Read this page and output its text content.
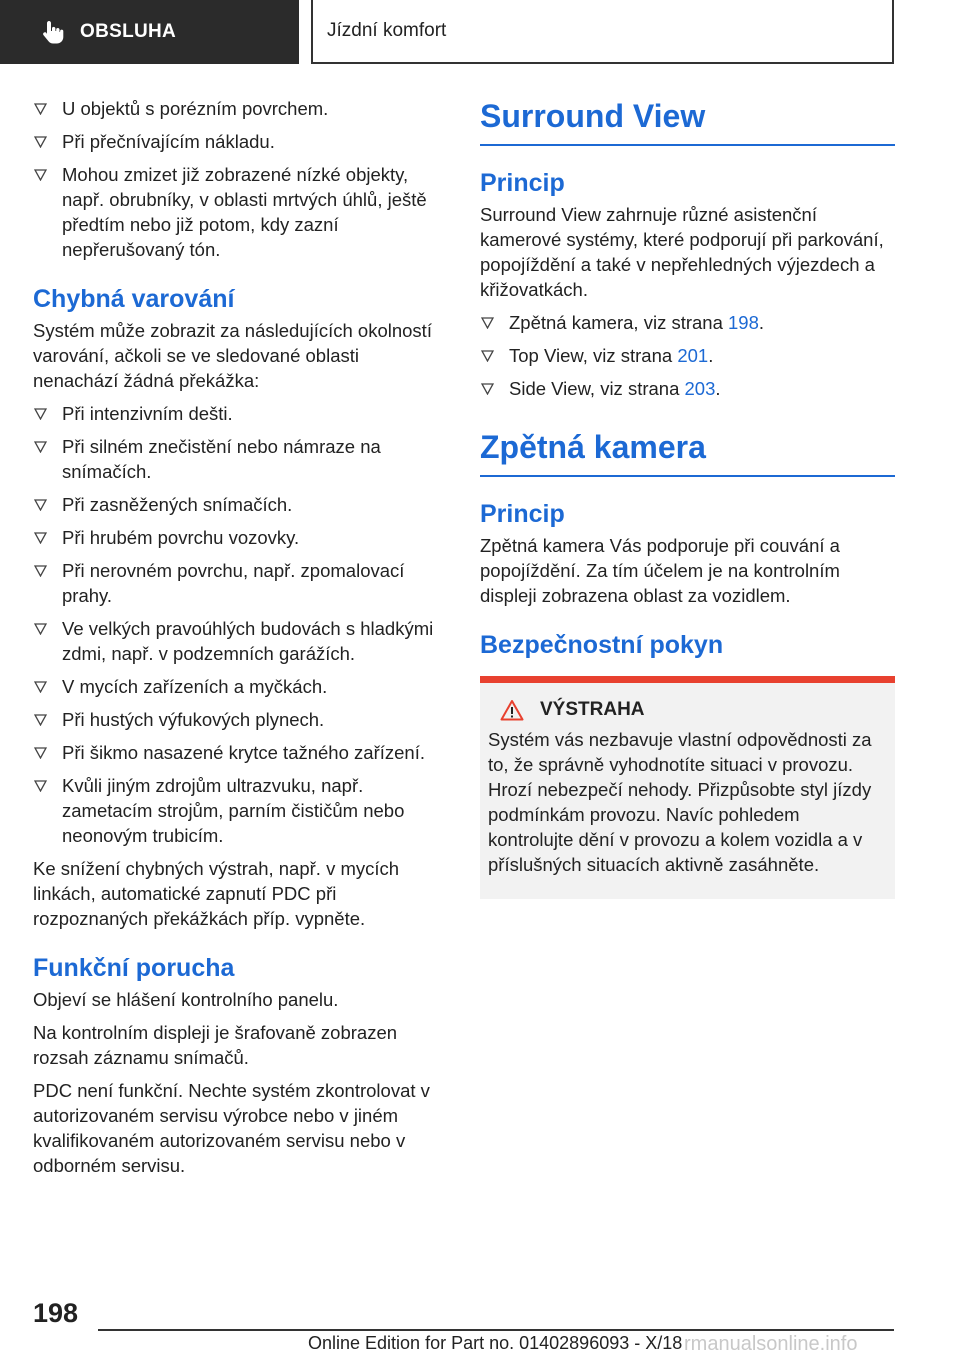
OBSLUHA	Jízdní komfort
U objektů s porézním povrchem.
Při přečnívajícím nákladu.
Mohou zmizet již zobrazené nízké objekty, např. obrubníky, v oblasti mrtvých úhlů, ještě předtím nebo již potom, kdy zazní nepřerušovaný tón.
Chybná varování

Systém může zobrazit za následujících okolností varování, ačkoli se ve sledované oblasti nenachází žádná překážka:

Při intenzivním dešti.
Při silném znečistění nebo námraze na snímačích.
Při zasněžených snímačích.
Při hrubém povrchu vozovky.
Při nerovném povrchu, např. zpomalovací prahy.
Ve velkých pravoúhlých budovách s hladkými zdmi, např. v podzemních garážích.
V mycích zařízeních a myčkách.
Při hustých výfukových plynech.
Při šikmo nasazené krytce tažného zařízení.
Kvůli jiným zdrojům ultrazvuku, např. zametacím strojům, parním čističům nebo neonovým trubicím.

Ke snížení chybných výstrah, např. v mycích linkách, automatické zapnutí PDC při rozpoznaných překážkách příp. vypněte.

Funkční porucha

Objeví se hlášení kontrolního panelu.

Na kontrolním displeji je šrafovaně zobrazen rozsah záznamu snímačů.

PDC není funkční. Nechte systém zkontrolovat v autorizovaném servisu výrobce nebo v jiném kvalifikovaném autorizovaném servisu nebo v odborném servisu.

Surround View
Princip

Surround View zahrnuje různé asistenční kamerové systémy, které podporují při parkování, popojíždění a také v nepřehledných výjezdech a křižovatkách.

Zpětná kamera, viz strana 198.
Top View, viz strana 201.
Side View, viz strana 203.
Zpětná kamera
Princip

Zpětná kamera Vás podporuje při couvání a popojíždění. Za tím účelem je na kontrolním displeji zobrazena oblast za vozidlem.

Bezpečnostní pokyn
VÝSTRAHA

Systém vás nezbavuje vlastní odpovědnosti za to, že správně vyhodnotíte situaci v provozu. Hrozí nebezpečí nehody. Přizpůsobte styl jízdy podmínkám provozu. Navíc pohledem kontrolujte dění v provozu a kolem vozidla a v příslušných situacích aktivně zasáhněte.

198
Online Edition for Part no. 01402896093 - X/18 rmanualsonline.info
